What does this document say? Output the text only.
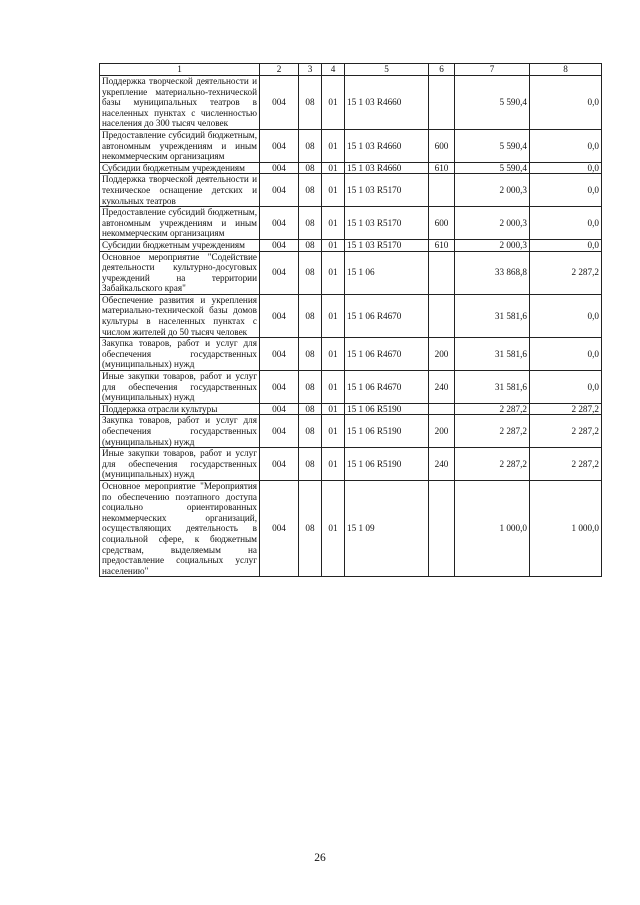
1	2	3	4	5	6	7	8
Поддержка творческой деятельности и укрепление материально-технической базы муниципальных театров в населенных пунктах с численностью населения до 300 тысяч человек	004	08	01	15 1 03 R4660		5 590,4	0,0
Предоставление субсидий бюджетным, автономным учреждениям и иным некоммерческим организациям	004	08	01	15 1 03 R4660	600	5 590,4	0,0
Субсидии бюджетным учреждениям	004	08	01	15 1 03 R4660	610	5 590,4	0,0
Поддержка творческой деятельности и техническое оснащение детских и кукольных театров	004	08	01	15 1 03 R5170		2 000,3	0,0
Предоставление субсидий бюджетным, автономным учреждениям и иным некоммерческим организациям	004	08	01	15 1 03 R5170	600	2 000,3	0,0
Субсидии бюджетным учреждениям	004	08	01	15 1 03 R5170	610	2 000,3	0,0
Основное мероприятие "Содействие деятельности культурно-досуговых учреждений на территории Забайкальского края"	004	08	01	15 1 06		33 868,8	2 287,2
Обеспечение развития и укрепления материально-технической базы домов культуры в населенных пунктах с числом жителей до 50 тысяч человек	004	08	01	15 1 06 R4670		31 581,6	0,0
Закупка товаров, работ и услуг для обеспечения государственных (муниципальных) нужд	004	08	01	15 1 06 R4670	200	31 581,6	0,0
Иные закупки товаров, работ и услуг для обеспечения государственных (муниципальных) нужд	004	08	01	15 1 06 R4670	240	31 581,6	0,0
Поддержка отрасли культуры	004	08	01	15 1 06 R5190		2 287,2	2 287,2
Закупка товаров, работ и услуг для обеспечения государственных (муниципальных) нужд	004	08	01	15 1 06 R5190	200	2 287,2	2 287,2
Иные закупки товаров, работ и услуг для обеспечения государственных (муниципальных) нужд	004	08	01	15 1 06 R5190	240	2 287,2	2 287,2
Основное мероприятие "Мероприятия по обеспечению поэтапного доступа социально ориентированных некоммерческих организаций, осуществляющих деятельность в социальной сфере, к бюджетным средствам, выделяемым на предоставление социальных услуг населению"	004	08	01	15 1 09		1 000,0	1 000,0
26
